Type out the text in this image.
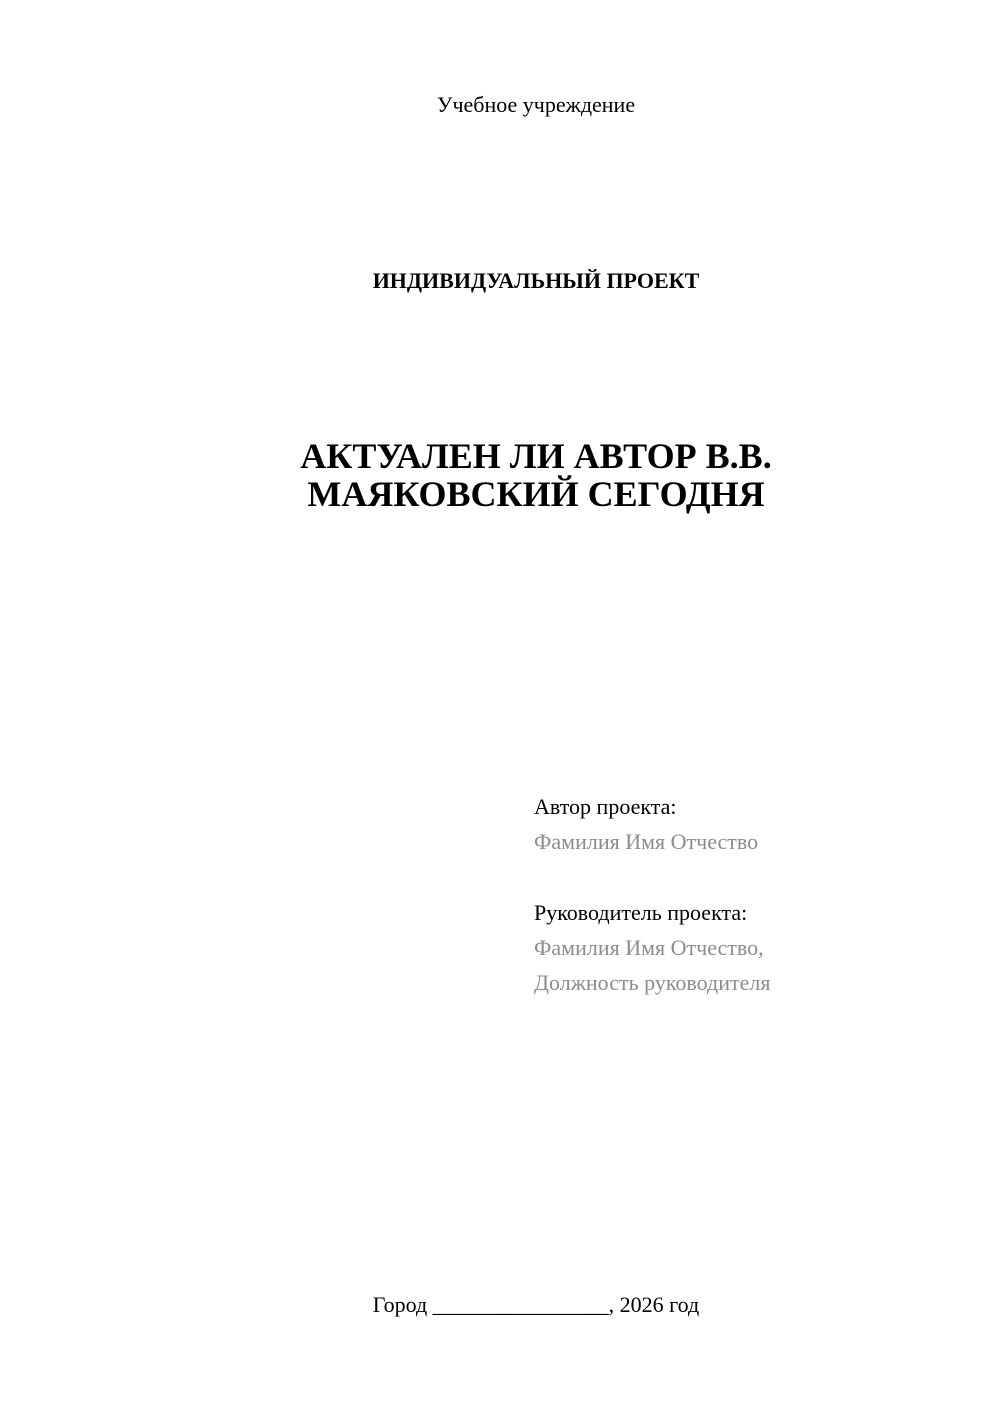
Учебное учреждение
ИНДИВИДУАЛЬНЫЙ ПРОЕКТ
АКТУАЛЕН ЛИ АВТОР В.В.
МАЯКОВСКИЙ СЕГОДНЯ
Автор проекта:
Фамилия Имя Отчество
Руководитель проекта:
Фамилия Имя Отчество,
Должность руководителя
Город ________________, 2026 год
